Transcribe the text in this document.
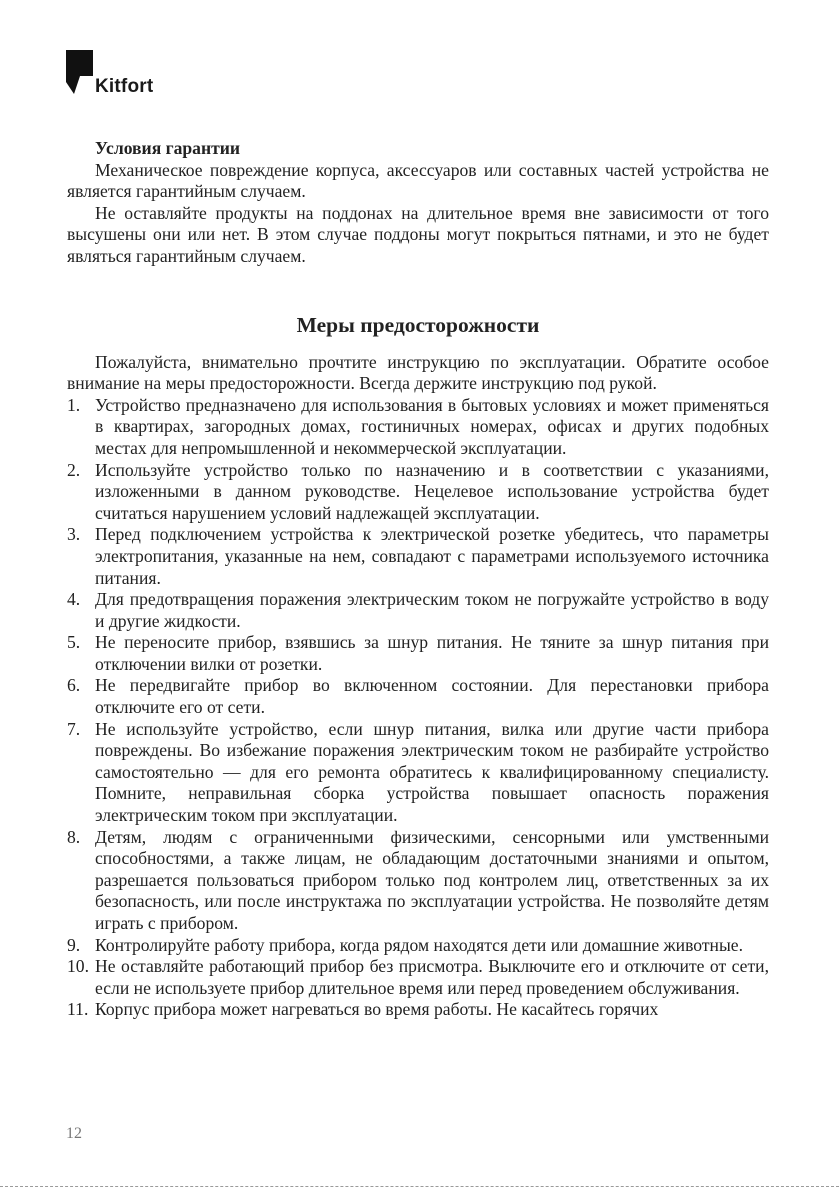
Kitfort

Условия гарантии

Механическое повреждение корпуса, аксессуаров или составных частей устройства не является гарантийным случаем.

Не оставляйте продукты на поддонах на длительное время вне зависимости от того высушены они или нет. В этом случае поддоны могут покрыться пятнами, и это не будет являться гарантийным случаем.

Меры предосторожности

Пожалуйста, внимательно прочтите инструкцию по эксплуатации. Обратите особое внимание на меры предосторожности. Всегда держите инструкцию под рукой.

1. Устройство предназначено для использования в бытовых условиях и может применяться в квартирах, загородных домах, гостиничных номерах, офисах и других подобных местах для непромышленной и некоммерческой эксплуатации.
2. Используйте устройство только по назначению и в соответствии с указаниями, изложенными в данном руководстве. Нецелевое использование устройства будет считаться нарушением условий надлежащей эксплуатации.
3. Перед подключением устройства к электрической розетке убедитесь, что параметры электропитания, указанные на нем, совпадают с параметрами используемого источника питания.
4. Для предотвращения поражения электрическим током не погружайте устройство в воду и другие жидкости.
5. Не переносите прибор, взявшись за шнур питания. Не тяните за шнур питания при отключении вилки от розетки.
6. Не передвигайте прибор во включенном состоянии. Для перестановки прибора отключите его от сети.
7. Не используйте устройство, если шнур питания, вилка или другие части прибора повреждены. Во избежание поражения электрическим током не разбирайте устройство самостоятельно — для его ремонта обратитесь к квалифицированному специалисту. Помните, неправильная сборка устройства повышает опасность поражения электрическим током при эксплуатации.
8. Детям, людям с ограниченными физическими, сенсорными или умственными способностями, а также лицам, не обладающим достаточными знаниями и опытом, разрешается пользоваться прибором только под контролем лиц, ответственных за их безопасность, или после инструктажа по эксплуатации устройства. Не позволяйте детям играть с прибором.
9. Контролируйте работу прибора, когда рядом находятся дети или домашние животные.
10. Не оставляйте работающий прибор без присмотра. Выключите его и отключите от сети, если не используете прибор длительное время или перед проведением обслуживания.
11. Корпус прибора может нагреваться во время работы. Не касайтесь горячих
12
